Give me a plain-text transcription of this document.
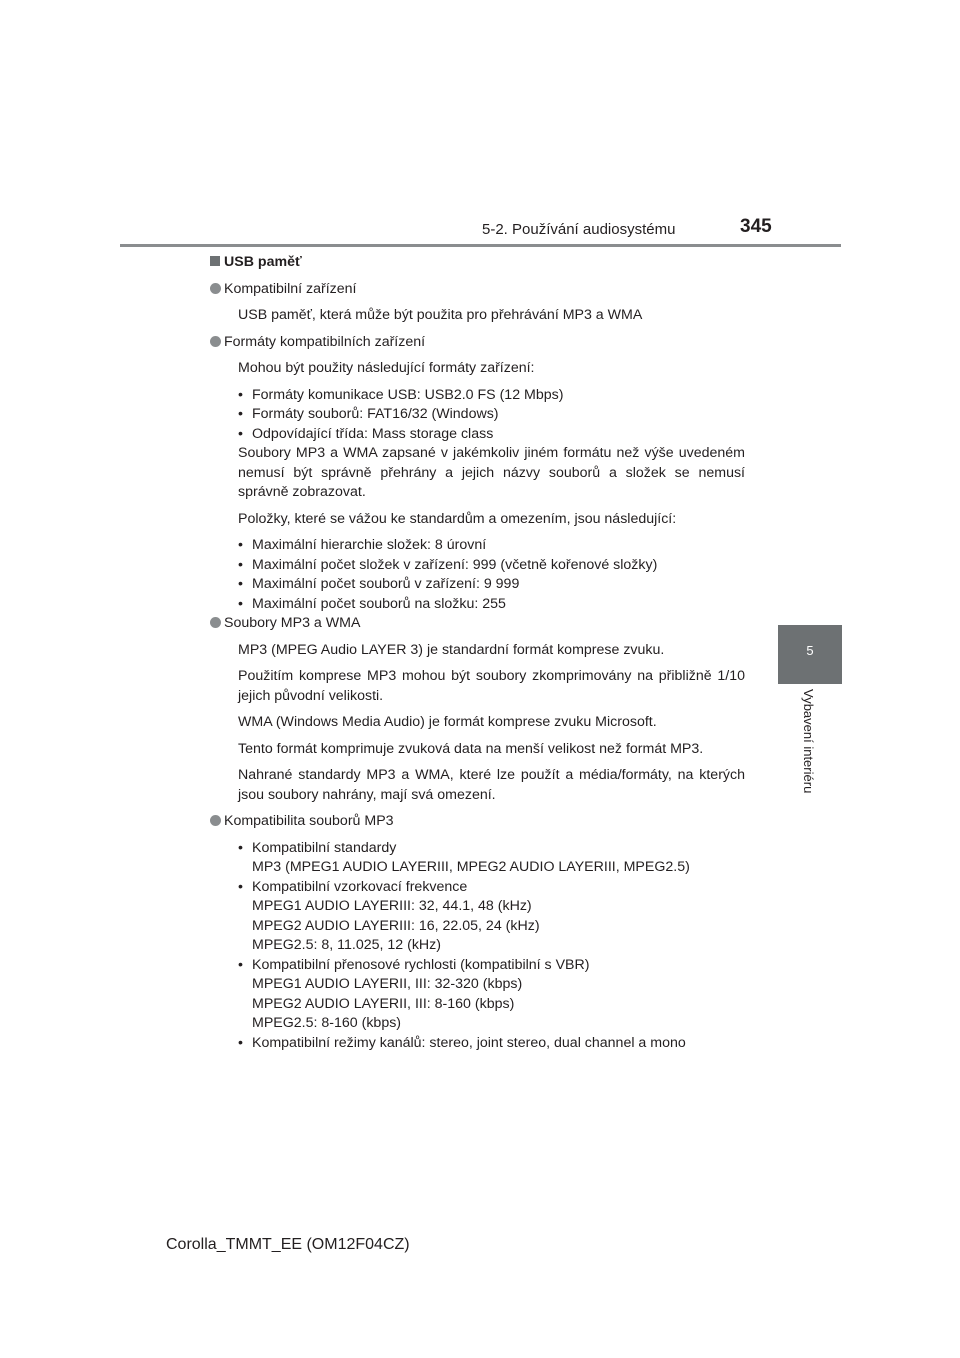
5-2. Používání audiosystému	345
5
Vybavení interiéru

USB paměť

Kompatibilní zařízení

USB paměť, která může být použita pro přehrávání MP3 a WMA

Formáty kompatibilních zařízení

Mohou být použity následující formáty zařízení:

• Formáty komunikace USB: USB2.0 FS (12 Mbps)
• Formáty souborů: FAT16/32 (Windows)
• Odpovídající třída: Mass storage class

Soubory MP3 a WMA zapsané v jakémkoliv jiném formátu než výše uvedeném nemusí být správně přehrány a jejich názvy souborů a složek se nemusí správně zobrazovat.

Položky, které se vážou ke standardům a omezením, jsou následující:

• Maximální hierarchie složek: 8 úrovní
• Maximální počet složek v zařízení: 999 (včetně kořenové složky)
• Maximální počet souborů v zařízení: 9 999
• Maximální počet souborů na složku: 255

Soubory MP3 a WMA

MP3 (MPEG Audio LAYER 3) je standardní formát komprese zvuku.

Použitím komprese MP3 mohou být soubory zkomprimovány na přibližně 1/10 jejich původní velikosti.

WMA (Windows Media Audio) je formát komprese zvuku Microsoft.

Tento formát komprimuje zvuková data na menší velikost než formát MP3.

Nahrané standardy MP3 a WMA, které lze použít a média/formáty, na kterých jsou soubory nahrány, mají svá omezení.

Kompatibilita souborů MP3

• Kompatibilní standardy
MP3 (MPEG1 AUDIO LAYERIII, MPEG2 AUDIO LAYERIII, MPEG2.5)
• Kompatibilní vzorkovací frekvence
MPEG1 AUDIO LAYERIII: 32, 44.1, 48 (kHz)
MPEG2 AUDIO LAYERIII: 16, 22.05, 24 (kHz)
MPEG2.5: 8, 11.025, 12 (kHz)
• Kompatibilní přenosové rychlosti (kompatibilní s VBR)
MPEG1 AUDIO LAYERII, III: 32-320 (kbps)
MPEG2 AUDIO LAYERII, III: 8-160 (kbps)
MPEG2.5: 8-160 (kbps)
• Kompatibilní režimy kanálů: stereo, joint stereo, dual channel a mono
Corolla_TMMT_EE (OM12F04CZ)
